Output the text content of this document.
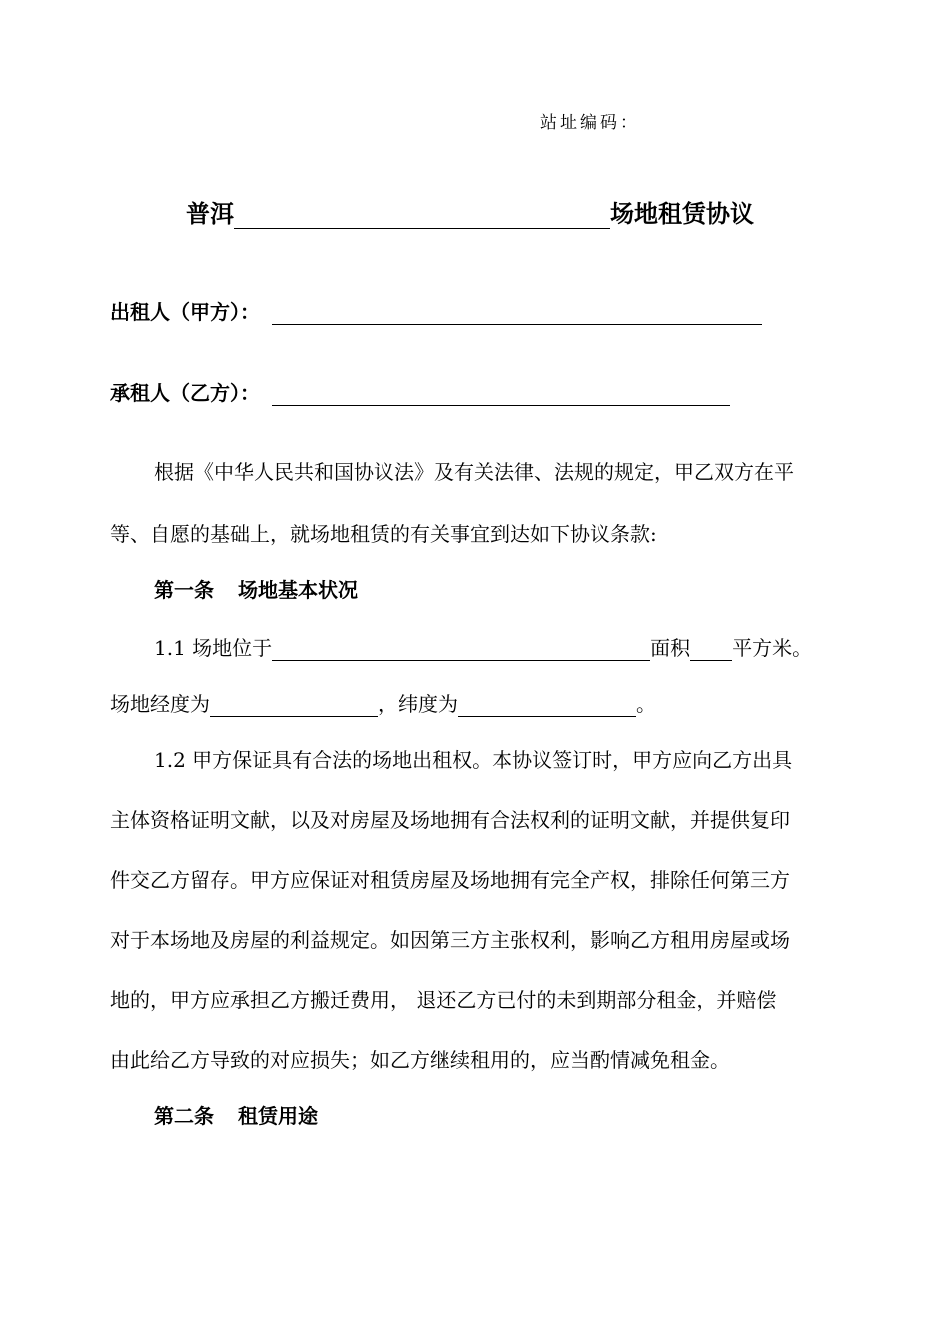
站址编码：
普洱	场地租赁协议
出租人（甲方）：
承租人（乙方）：
根据《中华人民共和国协议法》及有关法律、法规的规定，甲乙双方在平
等、自愿的基础上，就场地租赁的有关事宜到达如下协议条款:
第一条 场地基本状况
1.1 场地位于	面积 平方米。
场地经度为	，纬度为	。
1.2 甲方保证具有合法的场地出租权。本协议签订时，甲方应向乙方出具
主体资格证明文献，以及对房屋及场地拥有合法权利的证明文献，并提供复印
件交乙方留存。甲方应保证对租赁房屋及场地拥有完全产权，排除任何第三方
对于本场地及房屋的利益规定。如因第三方主张权利，影响乙方租用房屋或场
地的，甲方应承担乙方搬迁费用， 退还乙方已付的未到期部分租金，并赔偿
由此给乙方导致的对应损失；如乙方继续租用的，应当酌情减免租金。
第二条 租赁用途
